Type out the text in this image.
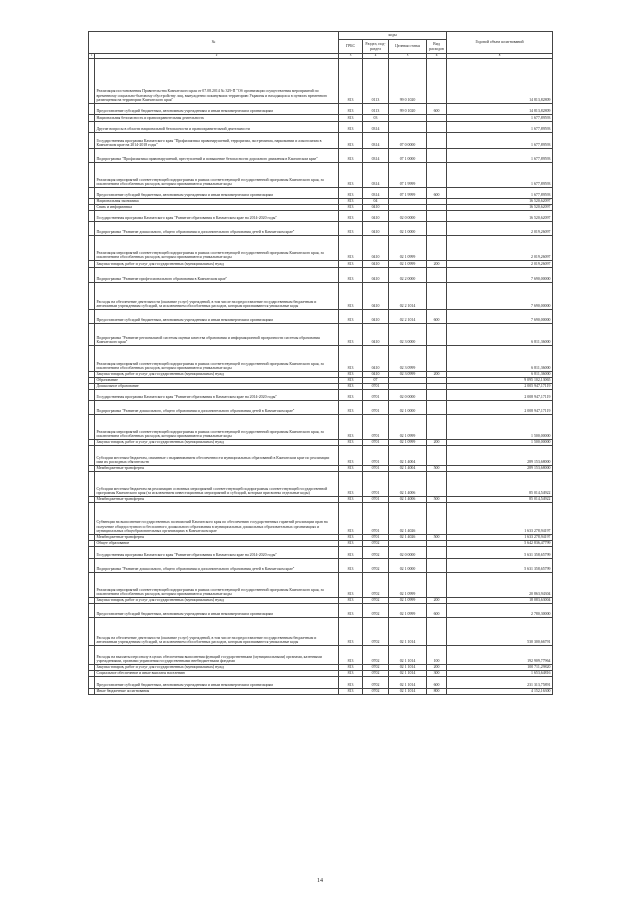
№		коды				Годовой объем ассигнований
		ГРБС	Раздел, под-раздел	Целевая статья	Вид расходов	
1	2	3	4	5	6	8
	Реализация постановления Правительства Камчатского края от 07.08.2014 № 329-П "Об организации осуществления мероприятий по временному социально-бытовому обустройству лиц, вынужденно покинувших территорию Украины и находящихся в пунктах временного размещения на территории Камчатского края"	813	0113	99 0 1020		14 813,82809
	Предоставление субсидий бюджетным, автономным учреждениям и иным некоммерческим организациям	813	0113	99 0 1020	600	14 813,82809
	Национальная безопасность и правоохранительная деятельность	813	03			1 677,89593
	Другие вопросы в области национальной безопасности и правоохранительной деятельности	813	0314			1 677,89593
	Государственная программа Камчатского края "Профилактика правонарушений, терроризма, экстремизма, наркомании и алкоголизма в Камчатском крае на 2014-2018 годы"	813	0314	07 0 0000		1 677,89593
	Подпрограмма "Профилактика правонарушений, преступлений и повышение безопасности дорожного движения в Камчатском крае"	813	0314	07 1 0000		1 677,89593
	Реализация мероприятий соответствующей подпрограммы в рамках соответствующей государственной программы Камчатского края, за исключением обособленных расходов, которым присваиваются уникальные коды	813	0314	07 1 9999		1 677,89593
	Предоставление субсидий бюджетным, автономным учреждениям и иным некоммерческим организациям	813	0314	07 1 9999	600	1 677,89593
	Национальная экономика	813	04			16 520,62097
	Связь и информатика	813	0410			16 520,62097
	Государственная программа Камчатского края "Развитие образования в Камчатском крае на 2014-2020 годы"	813	0410	02 0 0000		16 520,62097
	Подпрограмма "Развитие дошкольного, общего образования и дополнительного образования детей в Камчатском крае"	813	0410	02 1 0000		2 019,26097
	Реализация мероприятий соответствующей подпрограммы в рамках соответствующей государственной программы Камчатского края, за исключением обособленных расходов, которым присваиваются уникальные коды	813	0410	02 1 0999		2 019,26097
	Закупка товаров, работ и услуг для государственных (муниципальных) нужд	813	0410	02 1 0999	200	2 019,26097
	Подпрограмма "Развитие профессионального образования в Камчатском крае"	813	0410	02 2 0000		7 690,00000
	Расходы на обеспечение деятельности (оказание услуг) учреждений, в том числе на предоставление государственным бюджетным и автономным учреждениям субсидий, за исключением обособленных расходов, которым присваиваются уникальные коды	813	0410	02 2 1014		7 690,00000
	Предоставление субсидий бюджетным, автономным учреждениям и иным некоммерческим организациям	813	0410	02 2 1014	600	7 690,00000
	Подпрограмма "Развитие региональной системы оценки качества образования и информационной прозрачности системы образования Камчатского края"	813	0410	02 3 0000		6 811,36000
	Реализация мероприятий соответствующей подпрограммы в рамках соответствующей государственной программы Камчатского края, за исключением обособленных расходов, которым присваиваются уникальные коды	813	0410	02 3 0999		6 811,36000
	Закупка товаров, работ и услуг для государственных (муниципальных) нужд	813	0410	02 3 0999	200	6 811,36000
	Образование	813	07			9 095 102,13065
	Дошкольное образование	813	0701			2 005 947,17119
	Государственная программа Камчатского края "Развитие образования в Камчатском крае на 2014-2020 годы"	813	0701	02 0 0000		2 008 947,17119
	Подпрограмма "Развитие дошкольного, общего образования и дополнительного образования детей в Камчатском крае"	813	0701	02 1 0000		2 008 947,17119
	Реализация мероприятий соответствующей подпрограммы в рамках соответствующей государственной программы Камчатского края, за исключением обособленных расходов, которым присваиваются уникальные коды	813	0701	02 1 0999		1 500,00000
	Закупка товаров, работ и услуг для государственных (муниципальных) нужд	813	0701	02 1 0999	200	1 500,00000
	Субсидии местным бюджетам, связанные с выравниванием обеспеченности муниципальных образований в Камчатском крае по реализации ими их расходных обязательств	813	0701	02 1 4004		289 153,68000
	Межбюджетные трансферты	813	0701	02 1 4004	500	289 153,68000
	Субсидии местным бюджетам на реализацию основных мероприятий соответствующей подпрограммы соответствующей государственной программы Камчатского края (за исключением инвестиционных мероприятий и субсидий, которым присвоены отдельные коды)	813	0701	02 1 4006		85 014,54922
	Межбюджетные трансферты	813	0701	02 1 4006	500	85 014,54922
	Субвенции на выполнение государственных полномочий Камчатского края по обеспечению государственных гарантий реализации прав на получение общедоступного и бесплатного дошкольного образования в муниципальных дошкольных образовательных организациях и муниципальных общеобразовательных организациях в Камчатском крае	813	0701	02 1 4026		1 633 278,94197
	Межбюджетные трансферты	813	0701	02 1 4026	500	1 633 278,94197
	Общее образование	813	0702			5 642 836,47799
	Государственная программа Камчатского края "Развитие образования в Камчатском крае на 2014-2020 годы"	813	0702	02 0 0000		5 631 358,65799
	Подпрограмма "Развитие дошкольного, общего образования и дополнительного образования детей в Камчатском крае"	813	0702	02 1 0000		5 631 358,65799
	Реализация мероприятий соответствующей подпрограммы в рамках соответствующей государственной программы Камчатского края, за исключением обособленных расходов, которым присваиваются уникальные коды	813	0702	02 1 0999		20 863,94304
	Закупка товаров, работ и услуг для государственных (муниципальных) нужд	813	0702	02 1 0999	200	18 083,63004
	Предоставление субсидий бюджетным, автономным учреждениям и иным некоммерческим организациям	813	0702	02 1 0999	600	2 780,30000
	Расходы на обеспечение деятельности (оказание услуг) учреждений, в том числе на предоставление государственным бюджетным и автономным учреждениям субсидий, за исключением обособленных расходов, которым присваиваются уникальные коды	813	0702	02 1 1014		530 300,66791
	Расходы на выплаты персоналу в целях обеспечения выполнения функций государственными (муниципальными) органами, казенными учреждениями, органами управления государственными внебюджетными фондами	813	0702	02 1 1014	100	192 909,77964
	Закупка товаров, работ и услуг для государственных (муниципальных) нужд	813	0702	02 1 1014	200	100 711,29820
	Социальное обеспечение и иные выплаты населению	813	0702	02 1 1014	300	1 653,64816
	Предоставление субсидий бюджетным, автономным учреждениям и иным некоммерческим организациям	813	0702	02 1 1014	600	231 313,75891
	Иные бюджетные ассигнования	813	0702	02 1 1014	800	4 152,16300
14
